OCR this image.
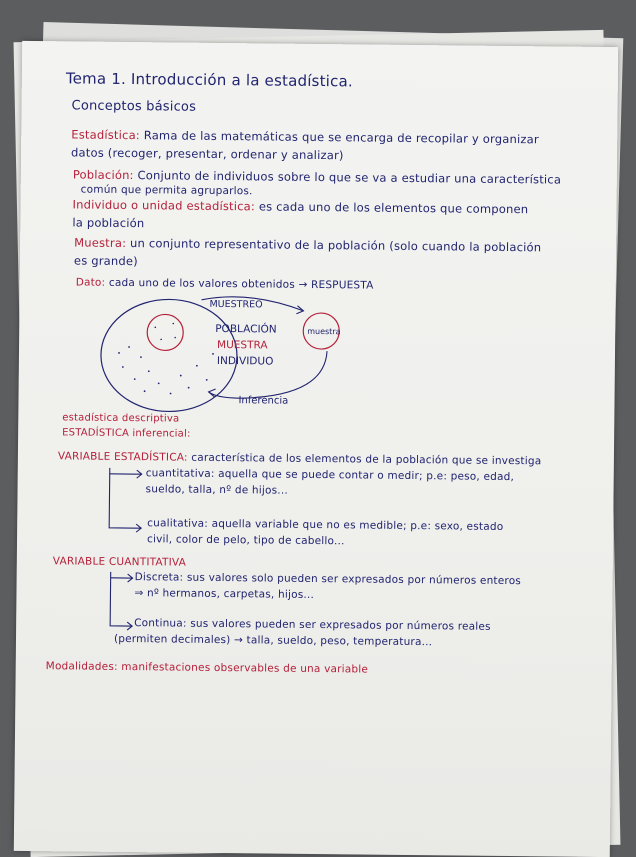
Tema 1. Introducción a la estadística.
Conceptos básicos
Estadística: Rama de las matemáticas que se encarga de recopilar y organizar
datos (recoger, presentar, ordenar y analizar)
Población: Conjunto de individuos sobre lo que se va a estudiar una característica
común que permita agruparlos.
Individuo o unidad estadística: es cada uno de los elementos que componen
la población
Muestra: un conjunto representativo de la población (solo cuando la población
es grande)
Dato: cada uno de los valores obtenidos → RESPUESTA
MUESTREO
POBLACIÓN
MUESTRA
INDIVIDUO
muestra
Inferencia
estadística descriptiva
ESTADÍSTICA inferencial:
VARIABLE ESTADÍSTICA: característica de los elementos de la población que se investiga
cuantitativa: aquella que se puede contar o medir; p.e: peso, edad,
sueldo, talla, nº de hijos...
cualitativa: aquella variable que no es medible; p.e: sexo, estado
civil, color de pelo, tipo de cabello...
VARIABLE CUANTITATIVA
Discreta: sus valores solo pueden ser expresados por números enteros
⇒ nº hermanos, carpetas, hijos...
Continua: sus valores pueden ser expresados por números reales
(permiten decimales) → talla, sueldo, peso, temperatura...
Modalidades: manifestaciones observables de una variable
